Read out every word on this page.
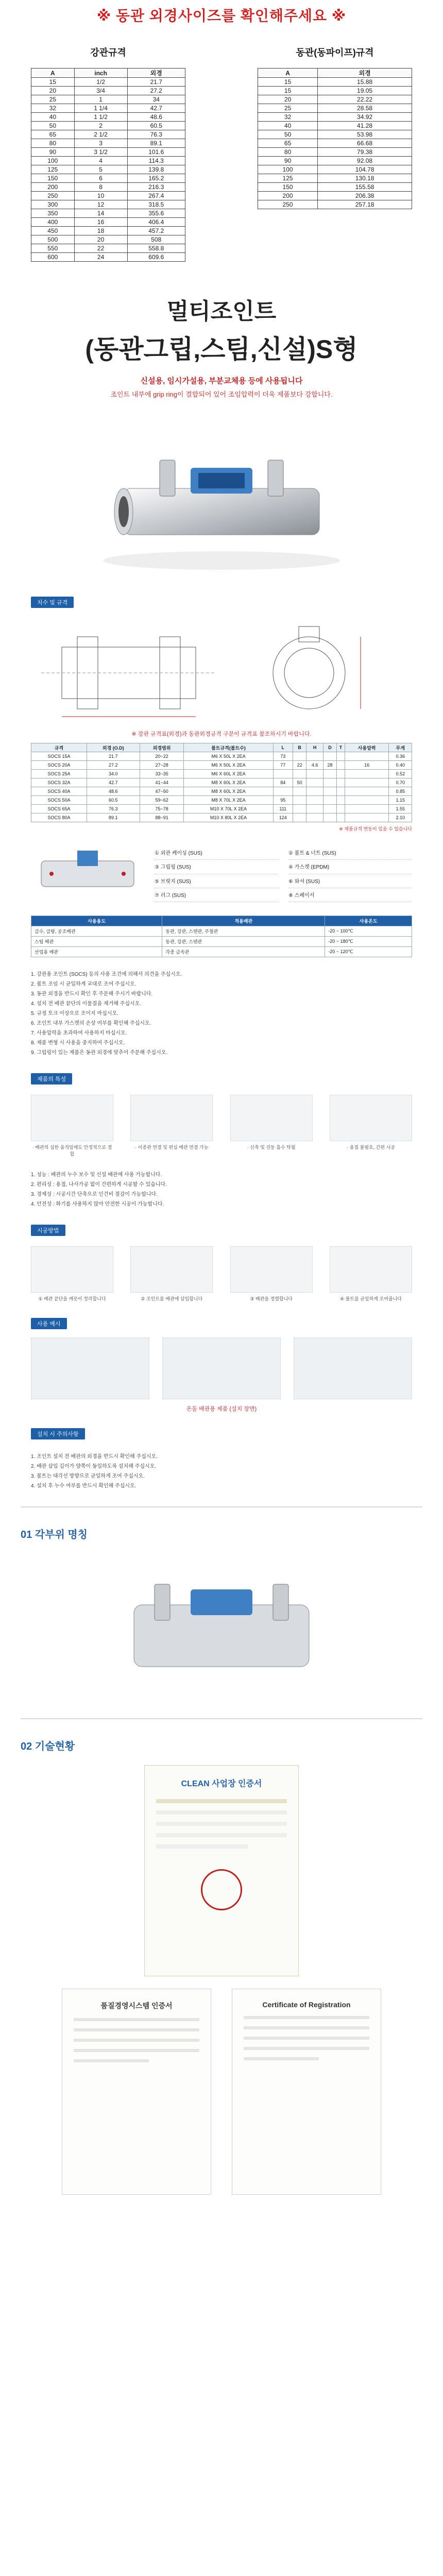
※ 동관 외경사이즈를 확인해주세요 ※
강관규격
A	inch	외경
15	1/2	21.7
20	3/4	27.2
25	1	34
32	1 1/4	42.7
40	1 1/2	48.6
50	2	60.5
65	2 1/2	76.3
80	3	89.1
90	3 1/2	101.6
100	4	114.3
125	5	139.8
150	6	165.2
200	8	216.3
250	10	267.4
300	12	318.5
350	14	355.6
400	16	406.4
450	18	457.2
500	20	508
550	22	558.8
600	24	609.6
동관(동파이프)규격
A	외경
15	15.88
15	19.05
20	22.22
25	28.58
32	34.92
40	41.28
50	53.98
65	66.68
80	79.38
90	92.08
100	104.78
125	130.18
150	155.58
200	206.38
250	257.18
멀티조인트
(동관그립,스팀,신설)S형
신설용, 임시가설용, 부분교체용 등에 사용됩니다
조인트 내부에 grip ring이 결합되어 있어 조임압력이 더욱 제품보다 강합니다.
치수 및 규격
※ 강관 규격표(외경)과 동관외경규격 구분이 규격표 참조하시기 바랍니다.
규격	외경 (O.D)	외경범위	볼트규격(볼트수)	L	B	H	D	T	사용압력	무게
SOCS 15A	21.7	20~22	M6 X 50L X 2EA	73						0.36
SOCS 20A	27.2	27~28	M6 X 50L X 2EA	77	22	4.6	28		16	0.40
SOCS 25A	34.0	33~35	M6 X 60L X 2EA							0.52
SOCS 32A	42.7	41~44	M8 X 60L X 2EA	84	50					0.70
SOCS 40A	48.6	47~50	M8 X 60L X 2EA							0.85
SOCS 50A	60.5	59~62	M8 X 70L X 2EA	95						1.15
SOCS 65A	76.3	75~78	M10 X 70L X 2EA	111						1.55
SOCS 80A	89.1	88~91	M10 X 80L X 2EA	124						2.10
※ 제품규격 변동이 있을 수 있습니다
① 외관 케이싱 (SUS)	② 볼트 & 너트 (SUS)
③ 그립링 (SUS)	④ 가스켓 (EPDM)
⑤ 브릿지 (SUS)	⑥ 와셔 (SUS)
⑦ 러그 (SUS)	⑧ 스페이서
사용용도	적용배관	사용온도
급수, 급탕, 공조배관	동관, 강관, 스텐관, 주철관	-20 ~ 100℃
스팀 배관	동관, 강관, 스텐관	-20 ~ 180℃
산업용 배관	각종 금속관	-20 ~ 120℃
1. 강관용 조인트 (SOCS) 등의 사용 조건에 의해서 의견을 주십시오.
2. 볼트 조임 시 균일하게 교대로 조여 주십시오.
3. 동관 외경을 반드시 확인 후 주문해 주시기 바랍니다.
4. 설치 전 배관 끝단의 이물질을 제거해 주십시오.
5. 규정 토크 이상으로 조이지 마십시오.
6. 조인트 내부 가스켓의 손상 여부를 확인해 주십시오.
7. 사용압력을 초과하여 사용하지 마십시오.
8. 제품 변형 시 사용을 중지하여 주십시오.
9. 그립링이 있는 제품은 동관 외경에 맞추어 주문해 주십시오.
제품의 특성
· 배관의 심한 움직임에도 안정적으로 결합
· 이종관 연결 및 편심 배관 연결 가능	· 신축 및 진동 흡수 탁월	· 용접 불필요, 간편 시공
1. 성능 : 배관의 누수 보수 및 신설 배관에 사용 가능합니다.
2. 편리성 : 용접, 나사가공 없이 간편하게 시공할 수 있습니다.
3. 경제성 : 시공시간 단축으로 인건비 절감이 가능합니다.
4. 안전성 : 화기를 사용하지 않아 안전한 시공이 가능합니다.
시공방법
① 배관 끝단을 깨끗이 정리합니다	② 조인트를 배관에 삽입합니다	③ 배관을 정렬합니다	④ 볼트를 균일하게 조여줍니다
사용 예시
온돌 배관용 제품 (설치 장면)
설치 시 주의사항
1. 조인트 설치 전 배관의 외경을 반드시 확인해 주십시오.
2. 배관 삽입 깊이가 양쪽이 동일하도록 설치해 주십시오.
3. 볼트는 대각선 방향으로 균일하게 조여 주십시오.
4. 설치 후 누수 여부를 반드시 확인해 주십시오.
01 각부위 명칭
02 기술현황
CLEAN 사업장 인증서
품질경영시스템 인증서	Certificate of Registration
